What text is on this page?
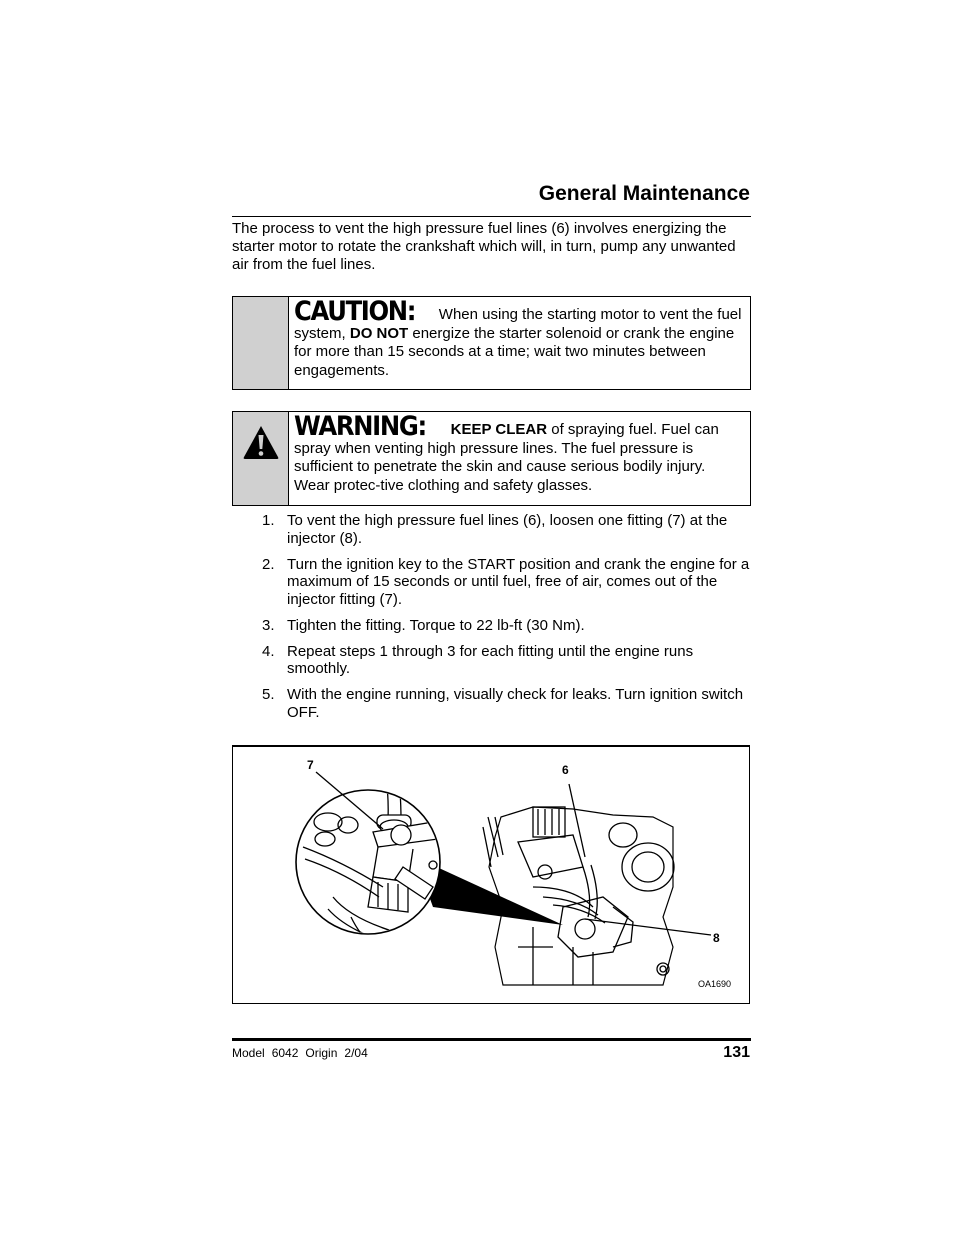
General Maintenance
The process to vent the high pressure fuel lines (6) involves energizing the starter motor to rotate the crankshaft which will, in turn, pump any unwanted air from the fuel lines.
CAUTION: When using the starting motor to vent the fuel system, DO NOT energize the starter solenoid or crank the engine for more than 15 seconds at a time; wait two minutes between engagements.
WARNING: KEEP CLEAR of spraying fuel. Fuel can spray when venting high pressure lines. The fuel pressure is sufficient to penetrate the skin and cause serious bodily injury. Wear protec-tive clothing and safety glasses.
1. To vent the high pressure fuel lines (6), loosen one fitting (7) at the injector (8).
2. Turn the ignition key to the START position and crank the engine for a maximum of 15 seconds or until fuel, free of air, comes out of the injector fitting (7).
3. Tighten the fitting. Torque to 22 lb-ft (30 Nm).
4. Repeat steps 1 through 3 for each fitting until the engine runs smoothly.
5. With the engine running, visually check for leaks. Turn ignition switch OFF.
7	6
8
OA1690
Model 6042 Origin 2/04	131
